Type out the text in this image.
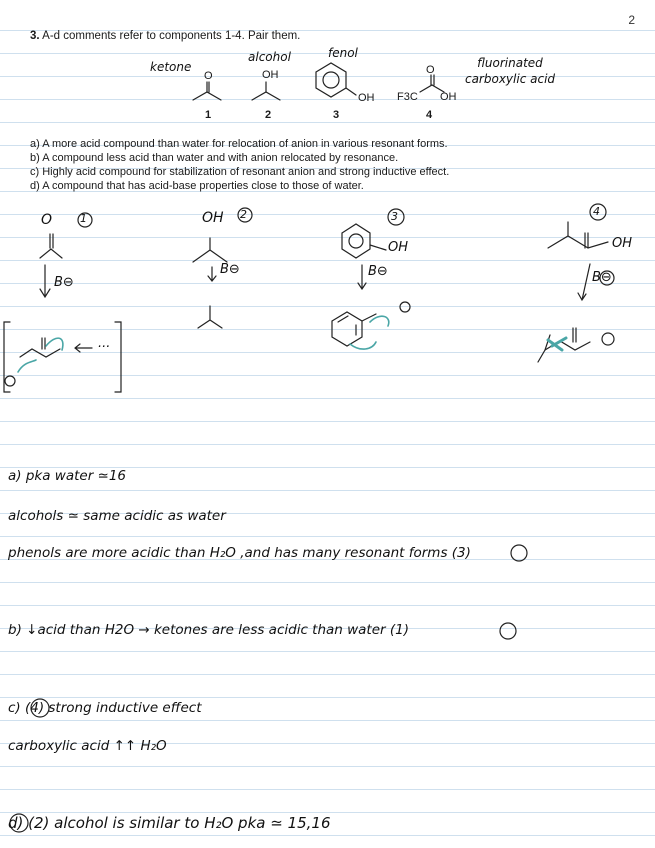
2
3. A-d comments refer to components 1-4. Pair them.
ketone
alcohol	fenol
fluorinated carboxylic acid
O	OH
OH
O
F3C OH
1	2	3	4
a) A more acid compound than water for relocation of anion in various resonant forms.
b) A compound less acid than water and with anion relocated by resonance.
c) Highly acid compound for stabilization of resonant anion and strong inductive effect.
d) A compound that has acid-base properties close to those of water.
O	1
B⊖
...
OH 2
B⊖
3
OH
B⊖
4
OH
B⊖
a) pka water ≃16
alcohols ≃ same acidic as water
phenols are more acidic than H₂O ,and has many resonant forms (3)
b) ↓acid than H2O → ketones are less acidic than water (1)
c) (4) strong inductive effect
carboxylic acid ↑↑ H₂O
d) (2) alcohol is similar to H₂O pka ≃ 15,16
